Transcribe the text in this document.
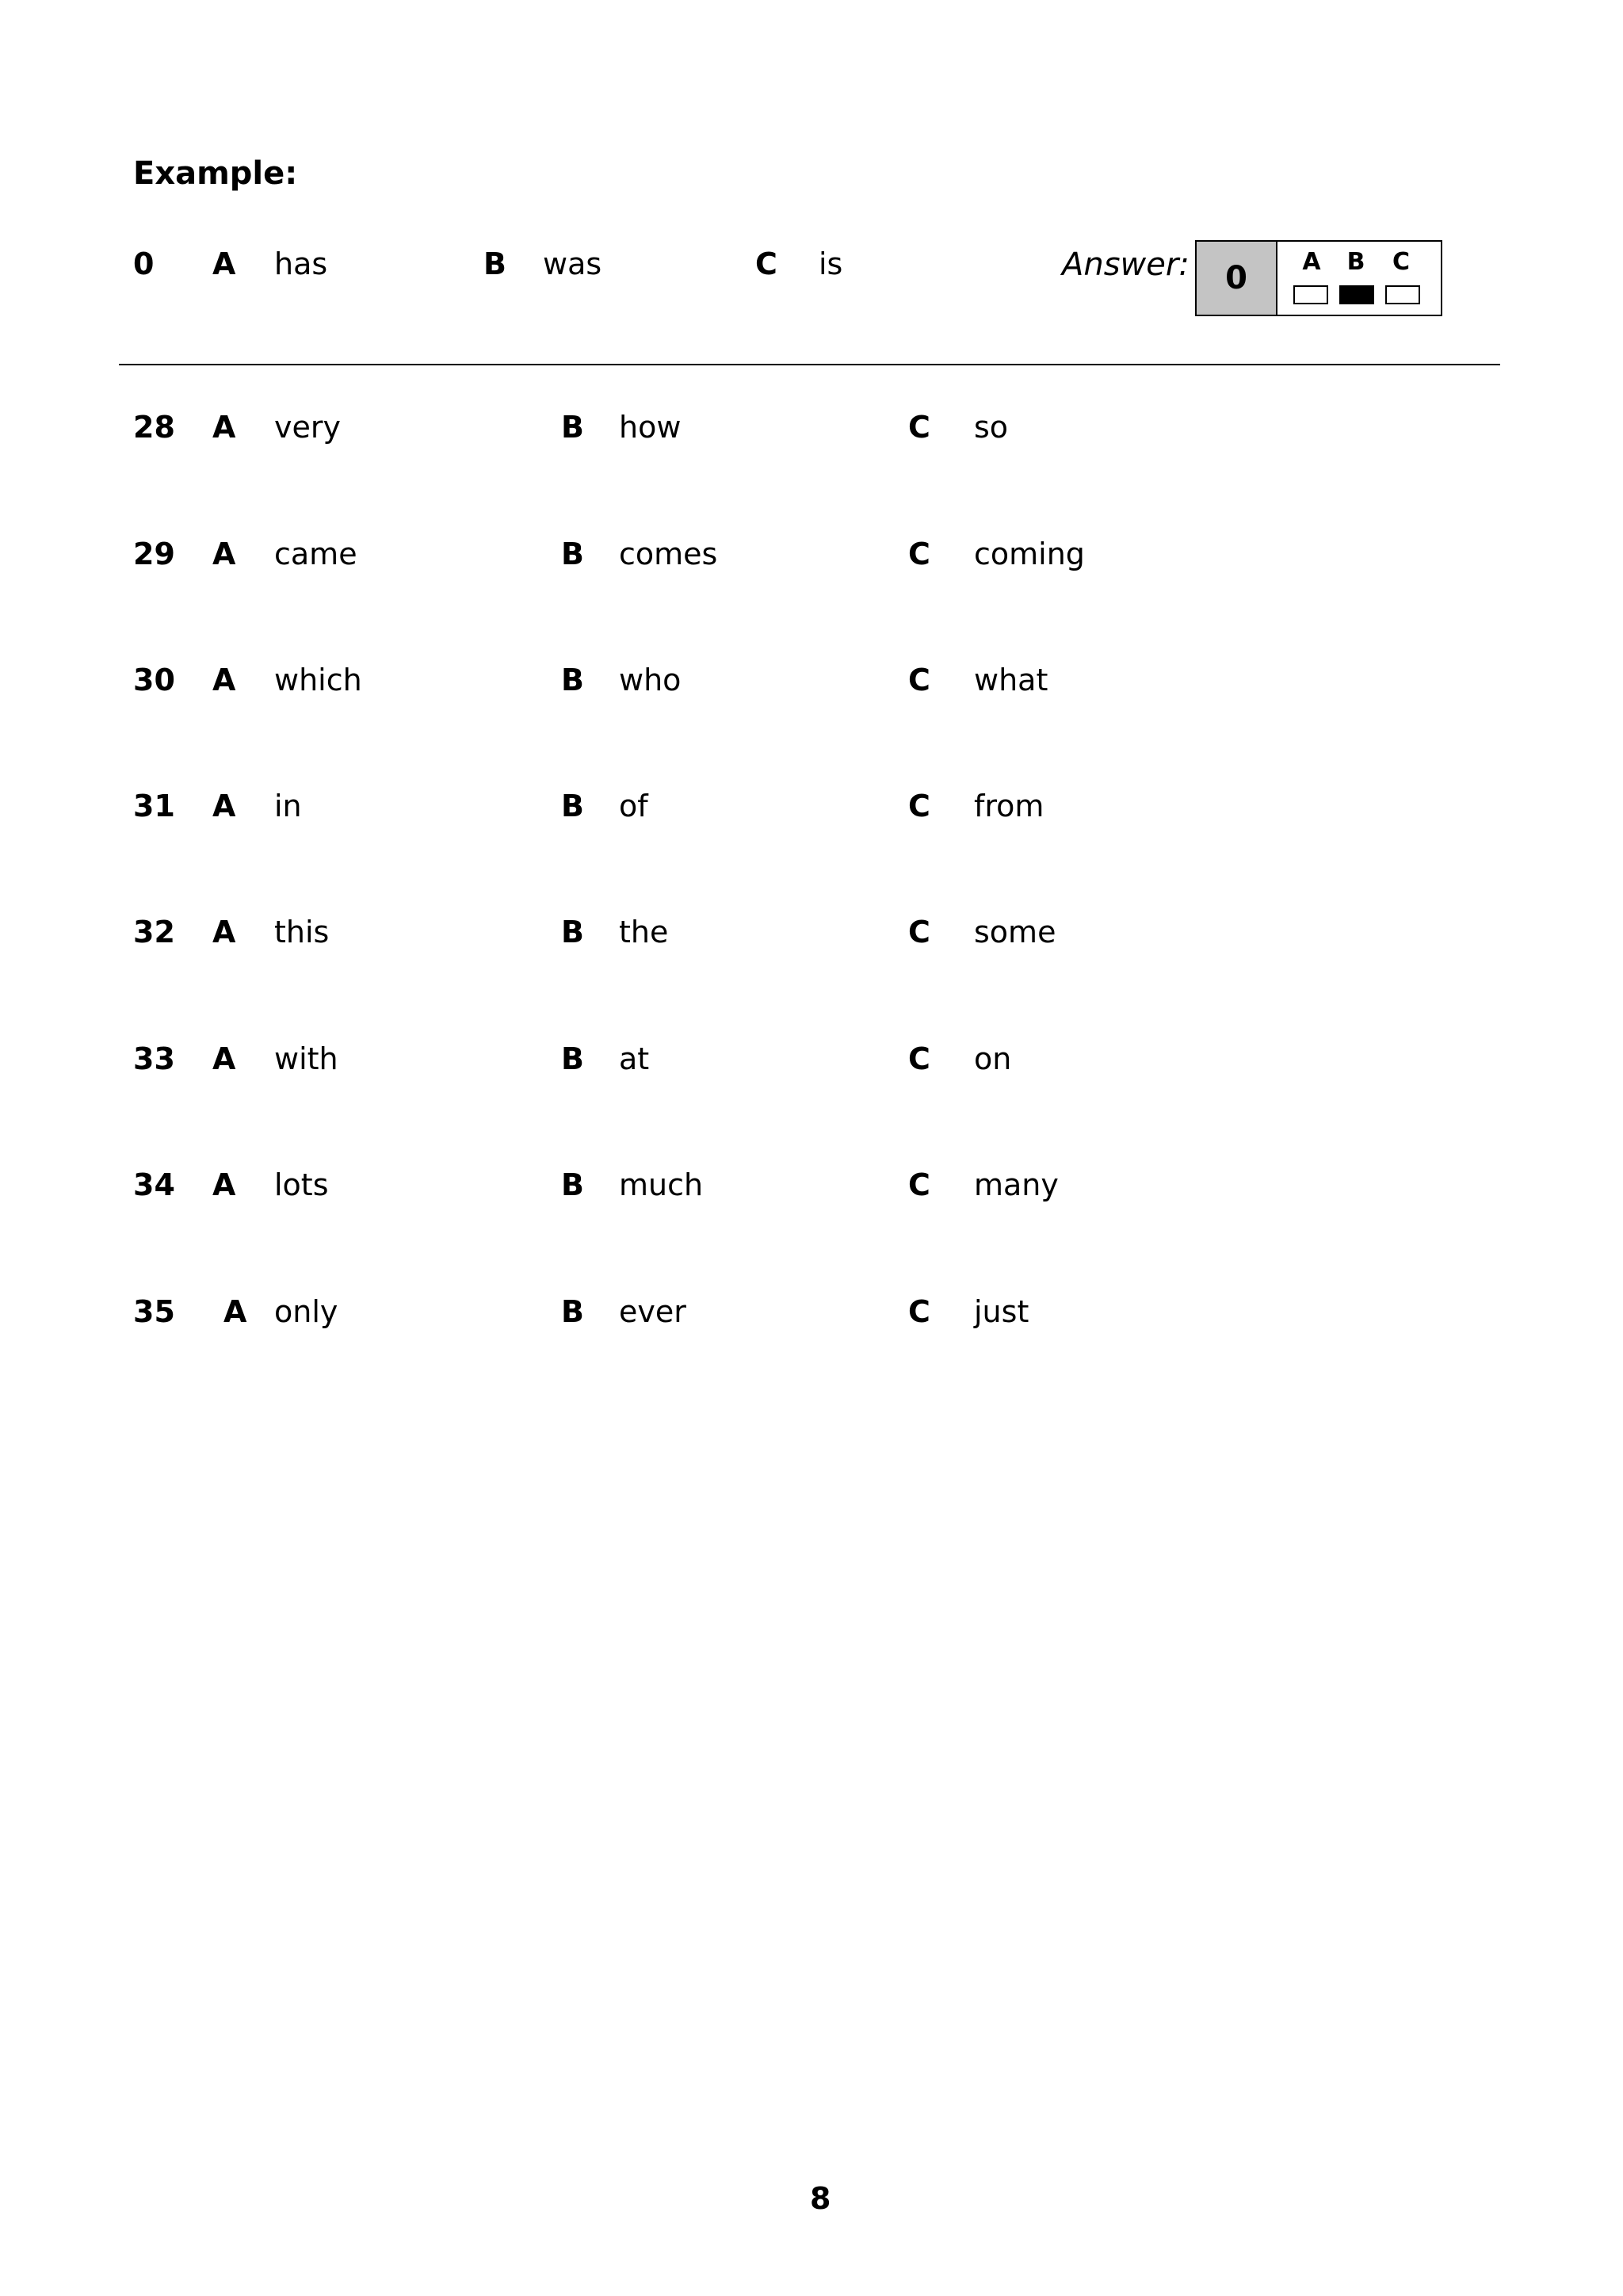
Example:
0 A has	B was	C is	Answer:	0	A B C
28 A very	B how	C so
29 A came	B comes	C coming
30 A which	B who	C what
31 A in	B of	C from
32 A this	B the	C some
33 A with	B at	C on
34 A lots	B much	C many
35 A only	B ever	C just
8
